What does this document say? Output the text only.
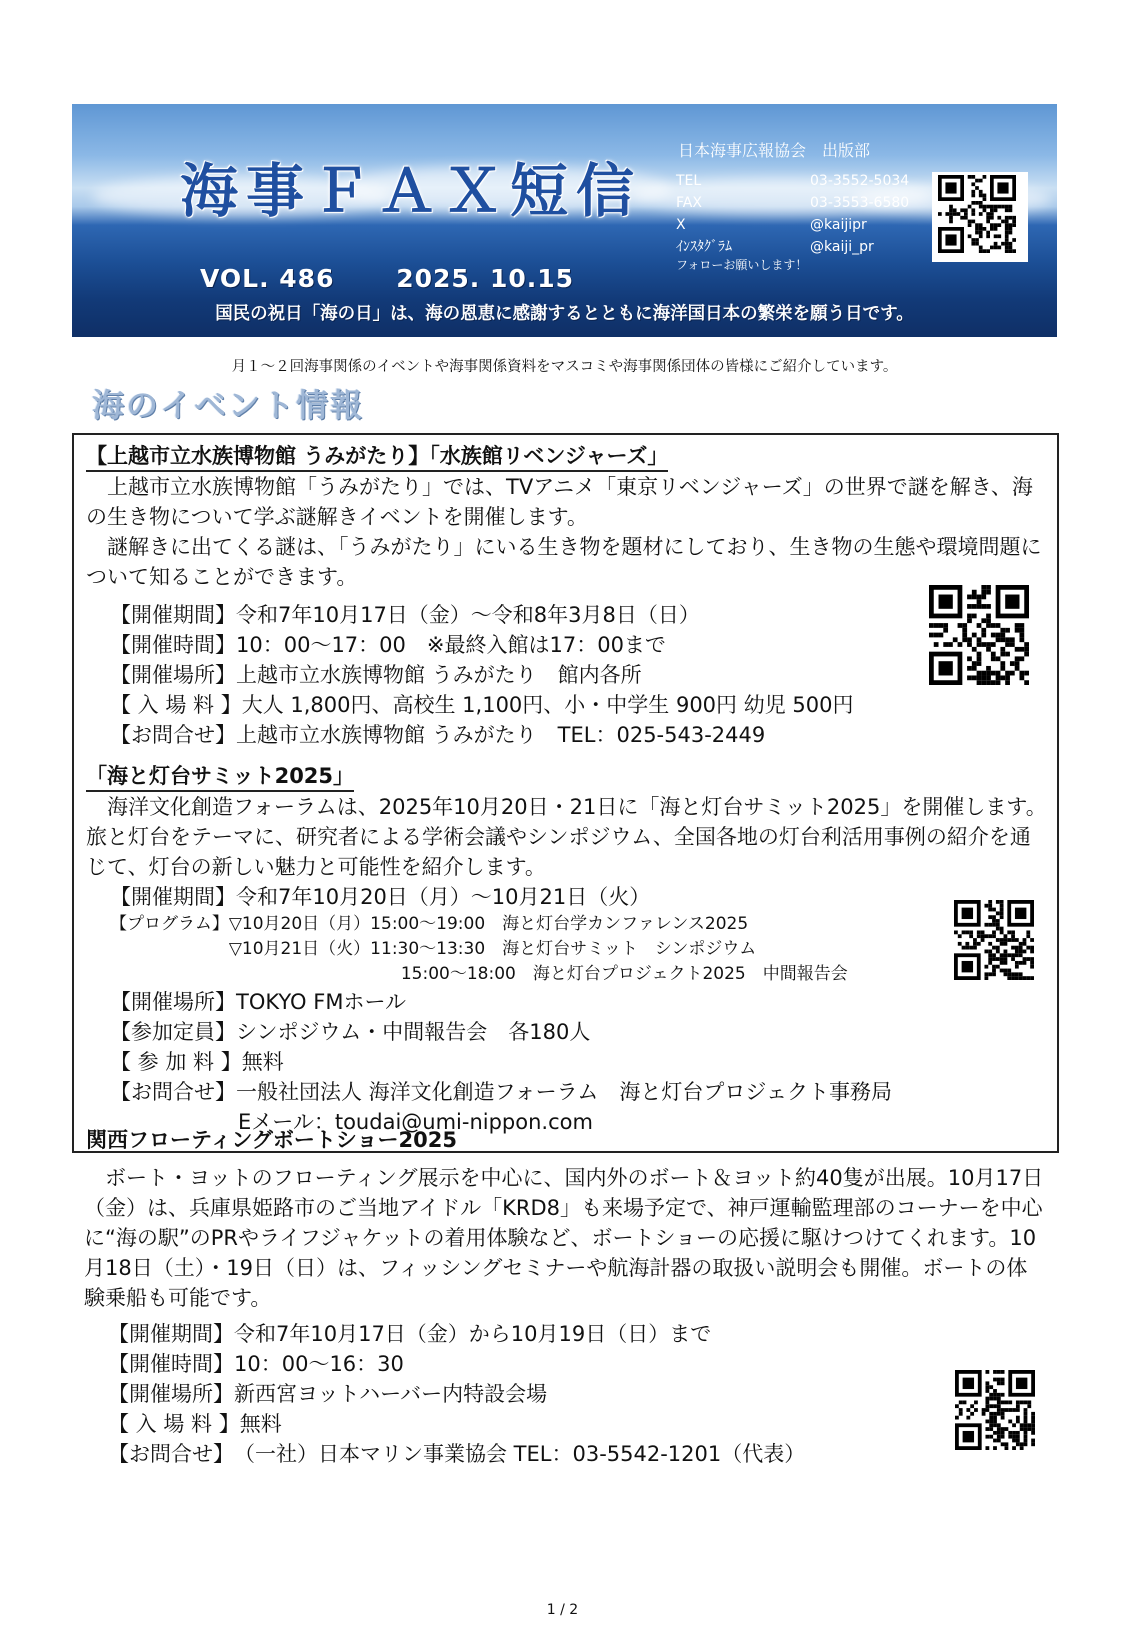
海事ＦＡＸ短信
日本海事広報協会　出版部
TEL	03-3552-5034
FAX	03-3553-6580
X	@kaijipr
ｲﾝｽﾀｸﾞﾗﾑ	@kaiji_pr
フォローお願いします！
VOL. 486 2025. 10.15
国民の祝日「海の日」は、海の恩恵に感謝するとともに海洋国日本の繁栄を願う日です。
月１～２回海事関係のイベントや海事関係資料をマスコミや海事関係団体の皆様にご紹介しています。
海のイベント情報
【上越市立水族博物館 うみがたり】「水族館リベンジャーズ」

上越市立水族博物館「うみがたり」では、TVアニメ「東京リベンジャーズ」の世界で謎を解き、海の生き物について学ぶ謎解きイベントを開催します。

謎解きに出てくる謎は、「うみがたり」にいる生き物を題材にしており、生き物の生態や環境問題について知ることができます。

【開催期間】 令和7年10月17日（金）～令和8年3月8日（日）
【開催時間】 10：00～17：00　※最終入館は17：00まで
【開催場所】 上越市立水族博物館 うみがたり　館内各所
【 入 場 料 】 大人 1,800円、高校生 1,100円、小・中学生 900円 幼児 500円
【お問合せ】 上越市立水族博物館 うみがたり　TEL：025-543-2449
「海と灯台サミット2025」

海洋文化創造フォーラムは、2025年10月20日・21日に「海と灯台サミット2025」を開催します。旅と灯台をテーマに、研究者による学術会議やシンポジウム、全国各地の灯台利活用事例の紹介を通じて、灯台の新しい魅力と可能性を紹介します。

【開催期間】 令和7年10月20日（月）～10月21日（火）
【プログラム】 ▽10月20日（月）15:00～19:00　海と灯台学カンファレンス2025
▽10月21日（火）11:30～13:30　海と灯台サミット　シンポジウム
15:00～18:00　海と灯台プロジェクト2025　中間報告会
【開催場所】 TOKYO FMホール
【参加定員】 シンポジウム・中間報告会　各180人
【 参 加 料 】 無料
【お問合せ】 一般社団法人 海洋文化創造フォーラム　海と灯台プロジェクト事務局
Eメール：toudai@umi-nippon.com
関西フローティングボートショー2025

ボート・ヨットのフローティング展示を中心に、国内外のボート＆ヨット約40隻が出展。10月17日（金）は、兵庫県姫路市のご当地アイドル「KRD8」も来場予定で、神戸運輸監理部のコーナーを中心に“海の駅”のPRやライフジャケットの着用体験など、ボートショーの応援に駆けつけてくれます。10月18日（土）・19日（日）は、フィッシングセミナーや航海計器の取扱い説明会も開催。ボートの体験乗船も可能です。

【開催期間】 令和7年10月17日（金）から10月19日（日）まで
【開催時間】 10：00～16：30
【開催場所】 新西宮ヨットハーバー内特設会場
【 入 場 料 】 無料
【お問合せ】 （一社）日本マリン事業協会 TEL：03-5542-1201（代表）
1 / 2
